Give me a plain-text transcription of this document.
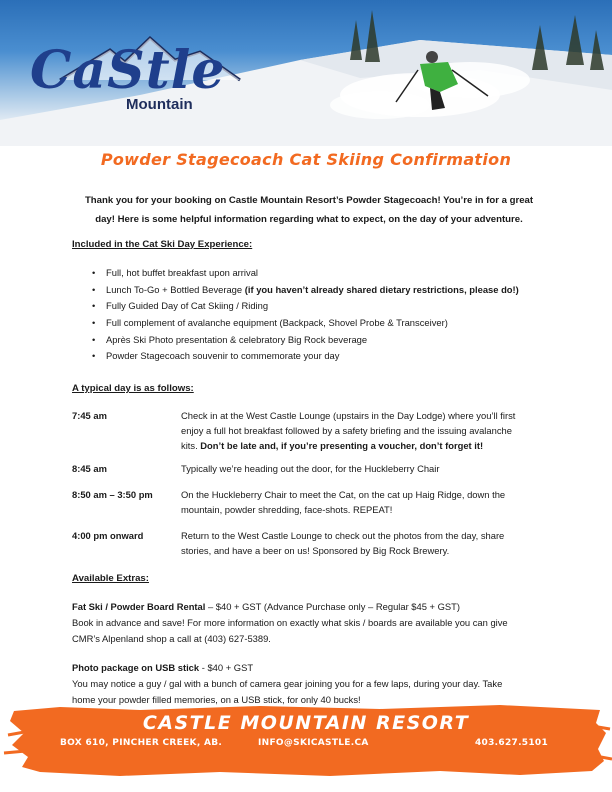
CaStle
Mountain
Powder Stagecoach Cat Skiing Confirmation
Thank you for your booking on Castle Mountain Resort’s Powder Stagecoach! You’re in for a great
day! Here is some helpful information regarding what to expect, on the day of your adventure.
Included in the Cat Ski Day Experience:
• Full, hot buffet breakfast upon arrival
• Lunch To-Go + Bottled Beverage (if you haven’t already shared dietary restrictions, please do!)
• Fully Guided Day of Cat Skiing / Riding
• Full complement of avalanche equipment (Backpack, Shovel Probe & Transceiver)
• Après Ski Photo presentation & celebratory Big Rock beverage
• Powder Stagecoach souvenir to commemorate your day
A typical day is as follows:
7:45 am	Check in at the West Castle Lounge (upstairs in the Day Lodge) where you’ll first
enjoy a full hot breakfast followed by a safety briefing and the issuing avalanche
kits. Don’t be late and, if you’re presenting a voucher, don’t forget it!
8:45 am	Typically we’re heading out the door, for the Huckleberry Chair
8:50 am – 3:50 pm	On the Huckleberry Chair to meet the Cat, on the cat up Haig Ridge, down the
mountain, powder shredding, face-shots. REPEAT!
4:00 pm onward	Return to the West Castle Lounge to check out the photos from the day, share
stories, and have a beer on us! Sponsored by Big Rock Brewery.
Available Extras:
Fat Ski / Powder Board Rental – $40 + GST (Advance Purchase only – Regular $45 + GST)
Book in advance and save! For more information on exactly what skis / boards are available you can give
CMR’s Alpenland shop a call at (403) 627-5389.
Photo package on USB stick - $40 + GST
You may notice a guy / gal with a bunch of camera gear joining you for a few laps, during your day. Take
home your powder filled memories, on a USB stick, for only 40 bucks!
CASTLE MOUNTAIN RESORT
BOX 610, PINCHER CREEK, AB.	INFO@SKICASTLE.CA	403.627.5101
